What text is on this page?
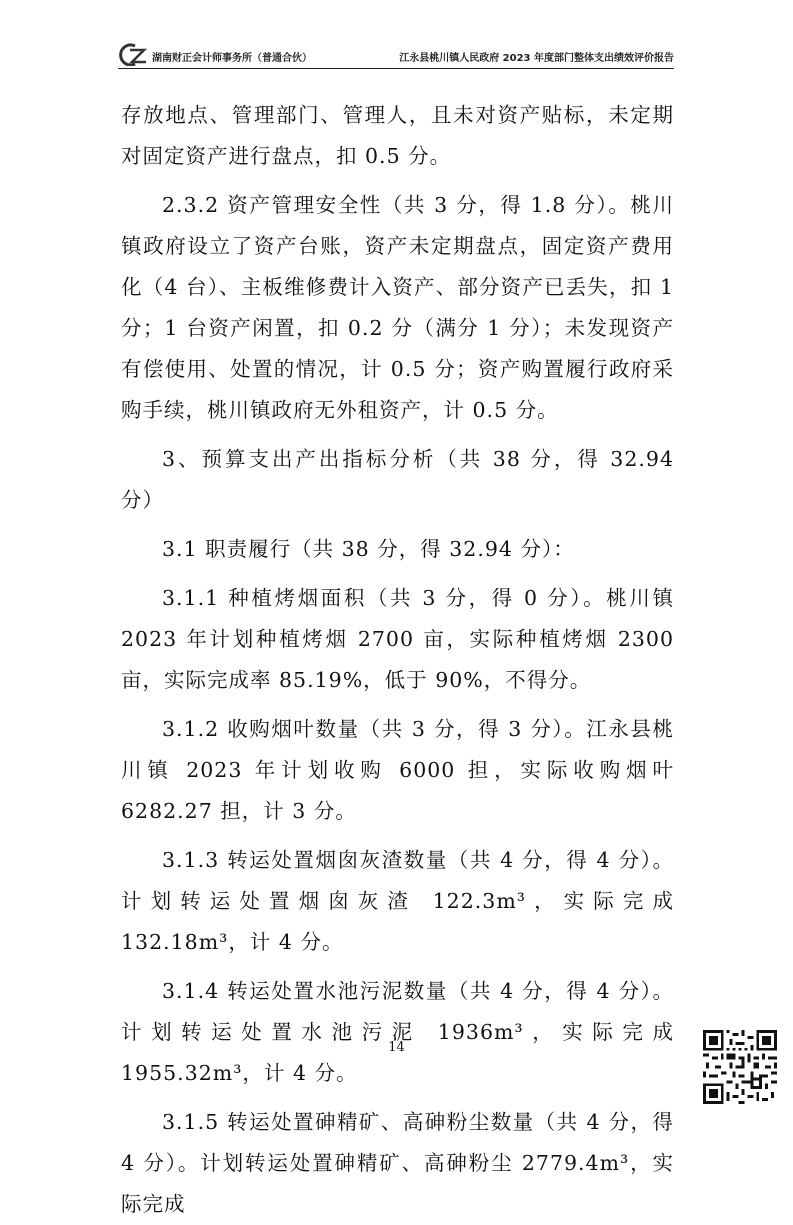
湖南财正会计师事务所（普通合伙）	江永县桃川镇人民政府 2023 年度部门整体支出绩效评价报告

存放地点、管理部门、管理人，且未对资产贴标，未定期对固定资产进行盘点，扣 0.5 分。

2.3.2 资产管理安全性（共 3 分，得 1.8 分）。桃川镇政府设立了资产台账，资产未定期盘点，固定资产费用化（4 台）、主板维修费计入资产、部分资产已丢失，扣 1 分；1 台资产闲置，扣 0.2 分（满分 1 分）；未发现资产有偿使用、处置的情况，计 0.5 分；资产购置履行政府采购手续，桃川镇政府无外租资产，计 0.5 分。

3、预算支出产出指标分析（共 38 分，得 32.94 分）

3.1 职责履行（共 38 分，得 32.94 分）：

3.1.1 种植烤烟面积（共 3 分，得 0 分）。桃川镇 2023 年计划种植烤烟 2700 亩，实际种植烤烟 2300 亩，实际完成率 85.19%，低于 90%，不得分。

3.1.2 收购烟叶数量（共 3 分，得 3 分）。江永县桃川镇 2023 年计划收购 6000 担，实际收购烟叶 6282.27 担，计 3 分。

3.1.3 转运处置烟囱灰渣数量（共 4 分，得 4 分）。计划转运处置烟囱灰渣 122.3m³，实际完成 132.18m³，计 4 分。

3.1.4 转运处置水池污泥数量（共 4 分，得 4 分）。计划转运处置水池污泥 1936m³，实际完成 1955.32m³，计 4 分。

3.1.5 转运处置砷精矿、高砷粉尘数量（共 4 分，得 4 分）。计划转运处置砷精矿、高砷粉尘 2779.4m³，实际完成

14
